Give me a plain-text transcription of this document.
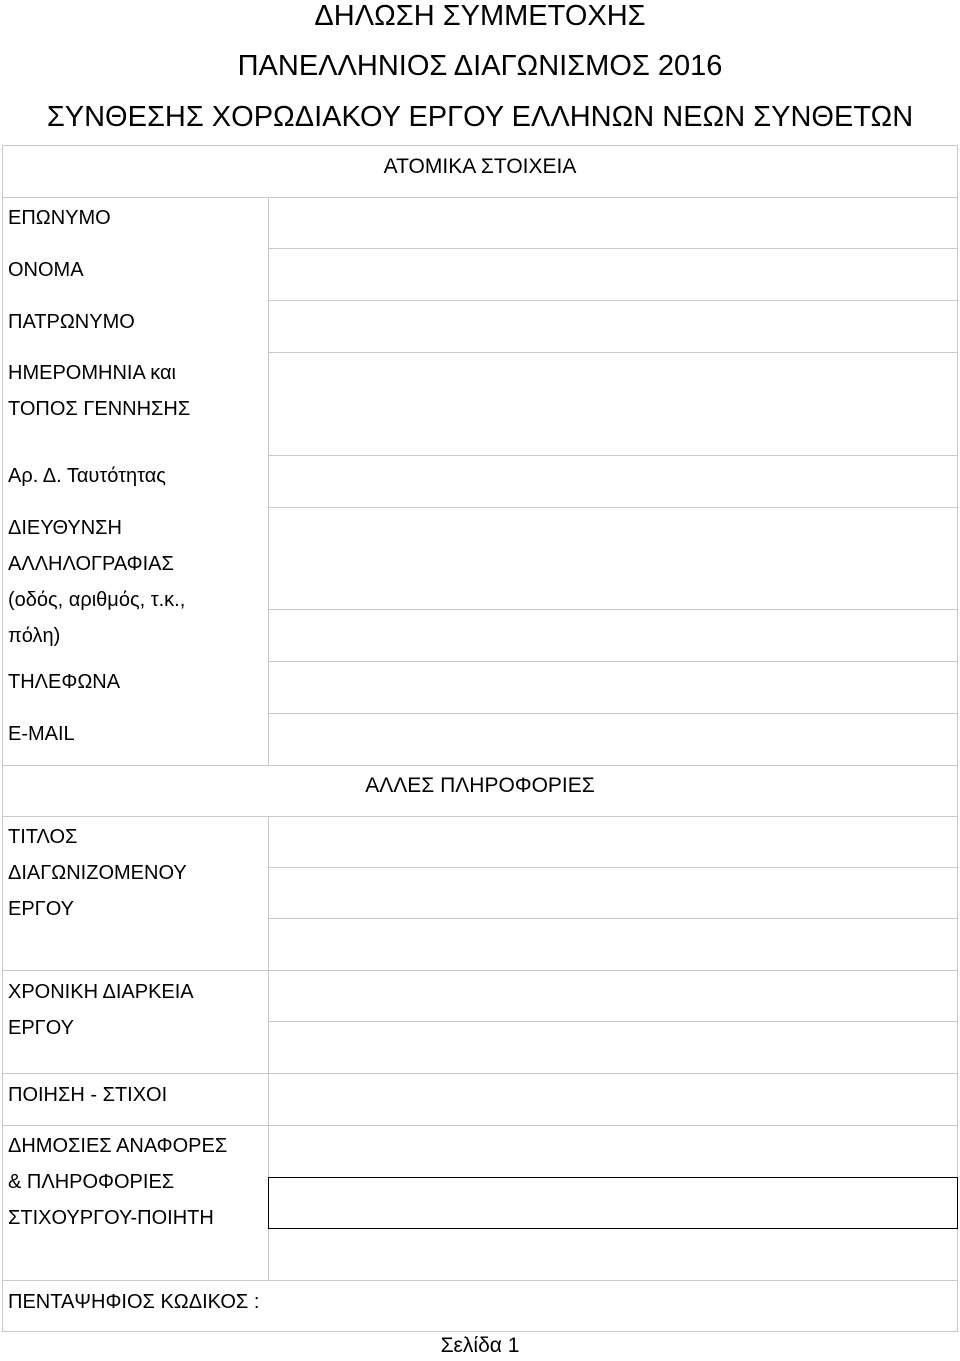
ΔΗΛΩΣΗ ΣΥΜΜΕΤΟΧΗΣ
ΠΑΝΕΛΛΗΝΙΟΣ ΔΙΑΓΩΝΙΣΜΟΣ 2016
ΣΥΝΘΕΣΗΣ ΧΟΡΩΔΙΑΚΟΥ ΕΡΓΟΥ ΕΛΛΗΝΩΝ ΝΕΩΝ ΣΥΝΘΕΤΩΝ
ΑΤΟΜΙΚΑ ΣΤΟΙΧΕΙΑ
ΑΛΛΕΣ ΠΛΗΡΟΦΟΡΙΕΣ

ΕΠΩΝΥΜΟ

ΟΝΟΜΑ

ΠΑΤΡΩΝΥΜΟ

ΗΜΕΡΟΜΗΝΙΑ και
ΤΟΠΟΣ ΓΕΝΝΗΣΗΣ

Αρ. Δ. Ταυτότητας

ΔΙΕΥΘΥΝΣΗ
ΑΛΛΗΛΟΓΡΑΦΙΑΣ
(οδός, αριθμός, τ.κ.,
πόλη)

ΤΗΛΕΦΩΝΑ

E-MAIL

ΤΙΤΛΟΣ
ΔΙΑΓΩΝΙΖΟΜΕΝΟΥ
ΕΡΓΟΥ

ΧΡΟΝΙΚΗ ΔΙΑΡΚΕΙΑ
ΕΡΓΟΥ

ΠΟΙΗΣΗ - ΣΤΙΧΟΙ

ΔΗΜΟΣΙΕΣ ΑΝΑΦΟΡΕΣ
& ΠΛΗΡΟΦΟΡΙΕΣ
ΣΤΙΧΟΥΡΓΟΥ-ΠΟΙΗΤΗ

ΠΕΝΤΑΨΗΦΙΟΣ ΚΩΔΙΚΟΣ :

Σελίδα 1
